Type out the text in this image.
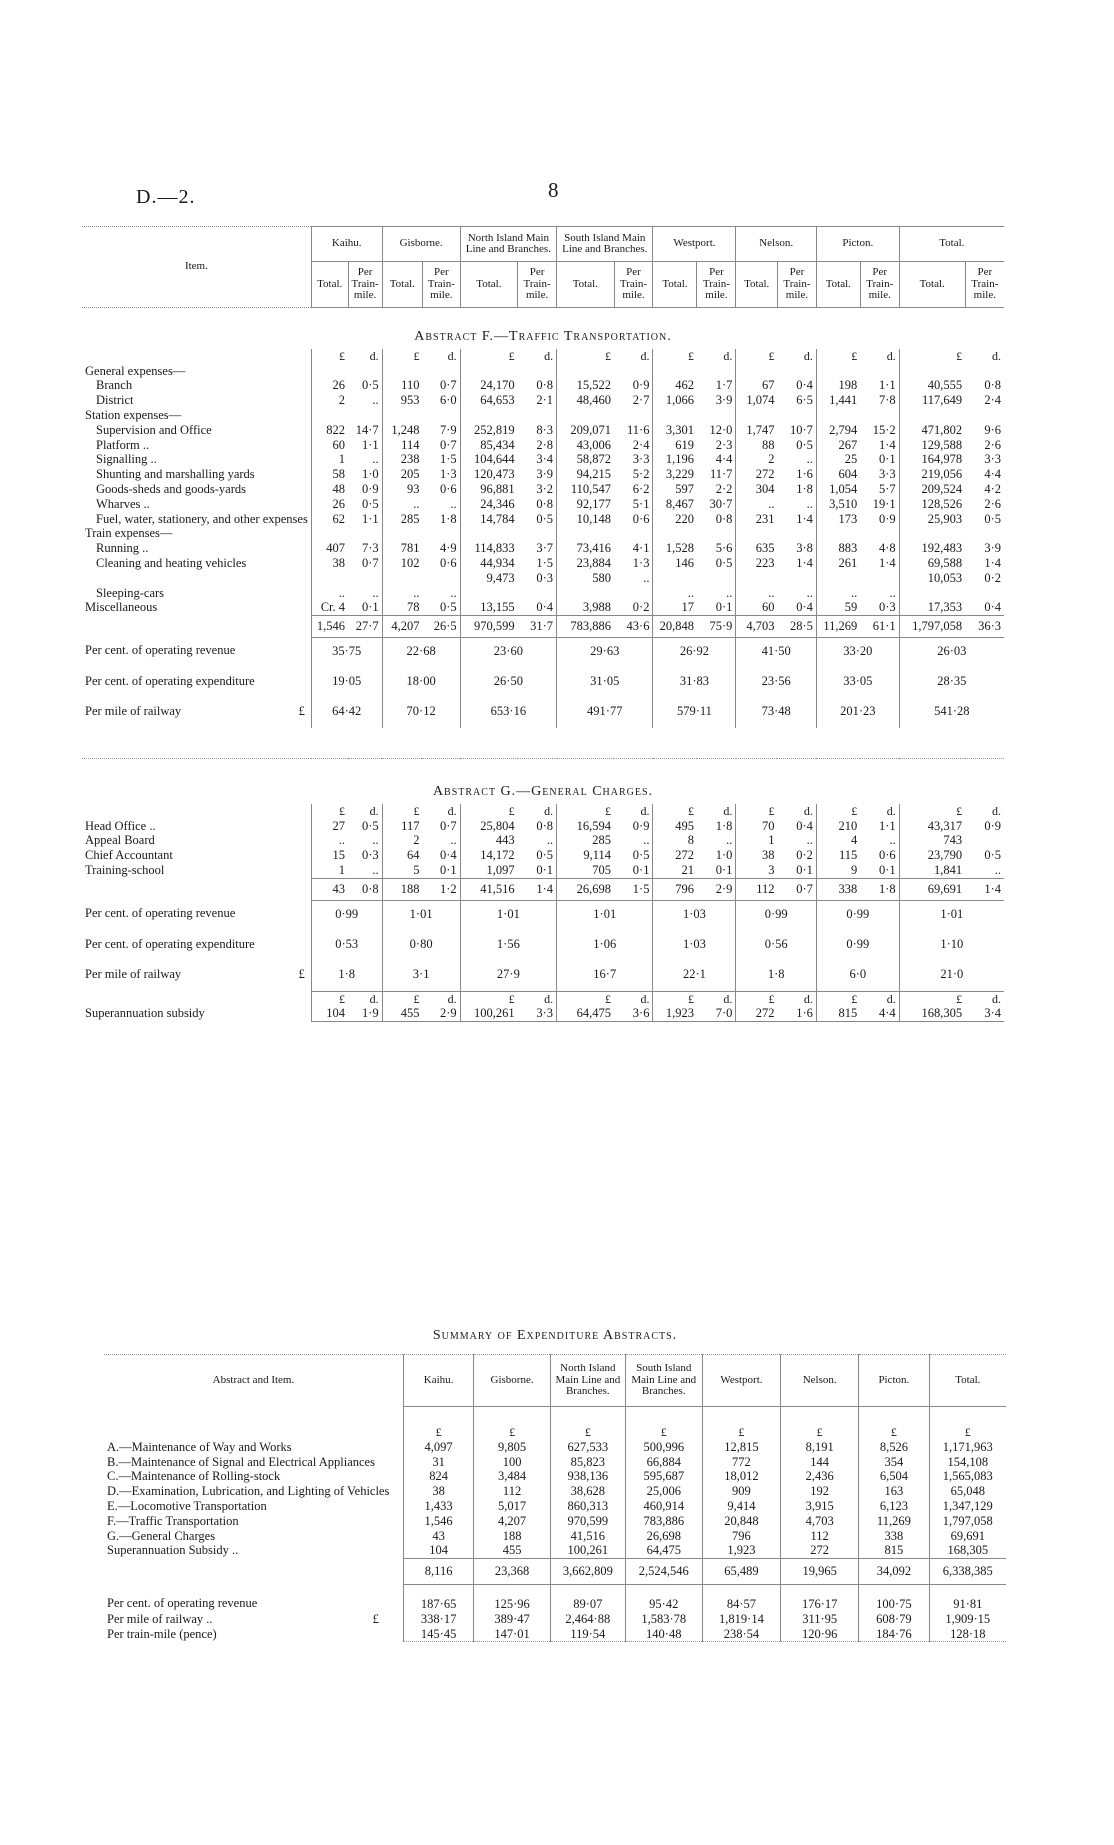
D.—2.	8
Item.	Kaihu.		Gisborne.		North Island Main Line and Branches.		South Island Main Line and Branches.		Westport.		Nelson.		Picton.		Total.	
	Total.	Per Train-mile.	Total.	Per Train-mile.	Total.	Per Train-mile.	Total.	Per Train-mile.	Total.	Per Train-mile.	Total.	Per Train-mile.	Total.	Per Train-mile.	Total.	Per Train-mile.
Abstract F.—Traffic Transportation.																
	£	d.	£	d.	£	d.	£	d.	£	d.	£	d.	£	d.	£	d.
General expenses—																
Branch	26	0·5	110	0·7	24,170	0·8	15,522	0·9	462	1·7	67	0·4	198	1·1	40,555	0·8
District	2	..	953	6·0	64,653	2·1	48,460	2·7	1,066	3·9	1,074	6·5	1,441	7·8	117,649	2·4
Station expenses—																
Supervision and Office	822	14·7	1,248	7·9	252,819	8·3	209,071	11·6	3,301	12·0	1,747	10·7	2,794	15·2	471,802	9·6
Platform ..	60	1·1	114	0·7	85,434	2·8	43,006	2·4	619	2·3	88	0·5	267	1·4	129,588	2·6
Signalling ..	1	..	238	1·5	104,644	3·4	58,872	3·3	1,196	4·4	2	..	25	0·1	164,978	3·3
Shunting and marshalling yards	58	1·0	205	1·3	120,473	3·9	94,215	5·2	3,229	11·7	272	1·6	604	3·3	219,056	4·4
Goods-sheds and goods-yards	48	0·9	93	0·6	96,881	3·2	110,547	6·2	597	2·2	304	1·8	1,054	5·7	209,524	4·2
Wharves ..	26	0·5	..	..	24,346	0·8	92,177	5·1	8,467	30·7	..	..	3,510	19·1	128,526	2·6
Fuel, water, stationery, and other expenses	62	1·1	285	1·8	14,784	0·5	10,148	0·6	220	0·8	231	1·4	173	0·9	25,903	0·5
Train expenses—																
Running ..	407	7·3	781	4·9	114,833	3·7	73,416	4·1	1,528	5·6	635	3·8	883	4·8	192,483	3·9
Cleaning and heating vehicles	38	0·7	102	0·6	44,934	1·5	23,884	1·3	146	0·5	223	1·4	261	1·4	69,588	1·4
					9,473	0·3	580	..							10,053	0·2
Sleeping-cars	..	..	..	..					..	..	..	..	..	..		
Miscellaneous	Cr. 4	0·1	78	0·5	13,155	0·4	3,988	0·2	17	0·1	60	0·4	59	0·3	17,353	0·4
	1,546	27·7	4,207	26·5	970,599	31·7	783,886	43·6	20,848	75·9	4,703	28·5	11,269	61·1	1,797,058	36·3
Per cent. of operating revenue	35·75		22·68		23·60		29·63		26·92		41·50		33·20		26·03	
Per cent. of operating expenditure	19·05		18·00		26·50		31·05		31·83		23·56		33·05		28·35	
Per mile of railway £	64·42		70·12		653·16		491·77		579·11		73·48		201·23		541·28	

Abstract G.—General Charges.																
	£	d.	£	d.	£	d.	£	d.	£	d.	£	d.	£	d.	£	d.
Head Office ..	27	0·5	117	0·7	25,804	0·8	16,594	0·9	495	1·8	70	0·4	210	1·1	43,317	0·9
Appeal Board	..	..	2	..	443	..	285	..	8	..	1	..	4	..	743	
Chief Accountant	15	0·3	64	0·4	14,172	0·5	9,114	0·5	272	1·0	38	0·2	115	0·6	23,790	0·5
Training-school	1	..	5	0·1	1,097	0·1	705	0·1	21	0·1	3	0·1	9	0·1	1,841	..
	43	0·8	188	1·2	41,516	1·4	26,698	1·5	796	2·9	112	0·7	338	1·8	69,691	1·4
Per cent. of operating revenue	0·99		1·01		1·01		1·01		1·03		0·99		0·99		1·01	
Per cent. of operating expenditure	0·53		0·80		1·56		1·06		1·03		0·56		0·99		1·10	
Per mile of railway £	1·8		3·1		27·9		16·7		22·1		1·8		6·0		21·0	
	£	d.	£	d.	£	d.	£	d.	£	d.	£	d.	£	d.	£	d.
Superannuation subsidy	104	1·9	455	2·9	100,261	3·3	64,475	3·6	1,923	7·0	272	1·6	815	4·4	168,305	3·4
Summary of Expenditure Abstracts.								
Abstract and Item.	Kaihu.	Gisborne.	North Island Main Line and Branches.	South Island Main Line and Branches.	Westport.	Nelson.	Picton.	Total.
	£	£	£	£	£	£	£	£
A.—Maintenance of Way and Works	4,097	9,805	627,533	500,996	12,815	8,191	8,526	1,171,963
B.—Maintenance of Signal and Electrical Appliances	31	100	85,823	66,884	772	144	354	154,108
C.—Maintenance of Rolling-stock	824	3,484	938,136	595,687	18,012	2,436	6,504	1,565,083
D.—Examination, Lubrication, and Lighting of Vehicles	38	112	38,628	25,006	909	192	163	65,048
E.—Locomotive Transportation	1,433	5,017	860,313	460,914	9,414	3,915	6,123	1,347,129
F.—Traffic Transportation	1,546	4,207	970,599	783,886	20,848	4,703	11,269	1,797,058
G.—General Charges	43	188	41,516	26,698	796	112	338	69,691
Superannuation Subsidy ..	104	455	100,261	64,475	1,923	272	815	168,305
	8,116	23,368	3,662,809	2,524,546	65,489	19,965	34,092	6,338,385
Per cent. of operating revenue	187·65	125·96	89·07	95·42	84·57	176·17	100·75	91·81
Per mile of railway .. £	338·17	389·47	2,464·88	1,583·78	1,819·14	311·95	608·79	1,909·15
Per train-mile (pence)	145·45	147·01	119·54	140·48	238·54	120·96	184·76	128·18
